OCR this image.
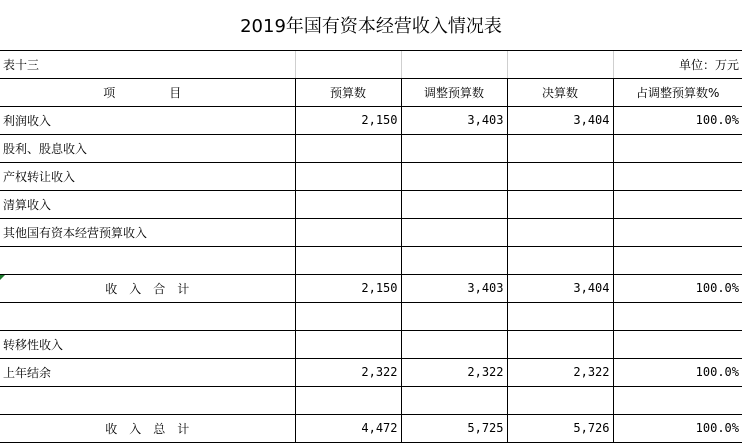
2019年国有资本经营收入情况表				
表十三				单位：万元
项　　目	预算数	调整预算数	决算数	占调整预算数%
利润收入	2,150	3,403	3,404	100.0%
股利、股息收入				
产权转让收入				
清算收入				
其他国有资本经营预算收入				

收　入　合　计	2,150	3,403	3,404	100.0%

转移性收入				
上年结余	2,322	2,322	2,322	100.0%

收　入　总　计	4,472	5,725	5,726	100.0%
